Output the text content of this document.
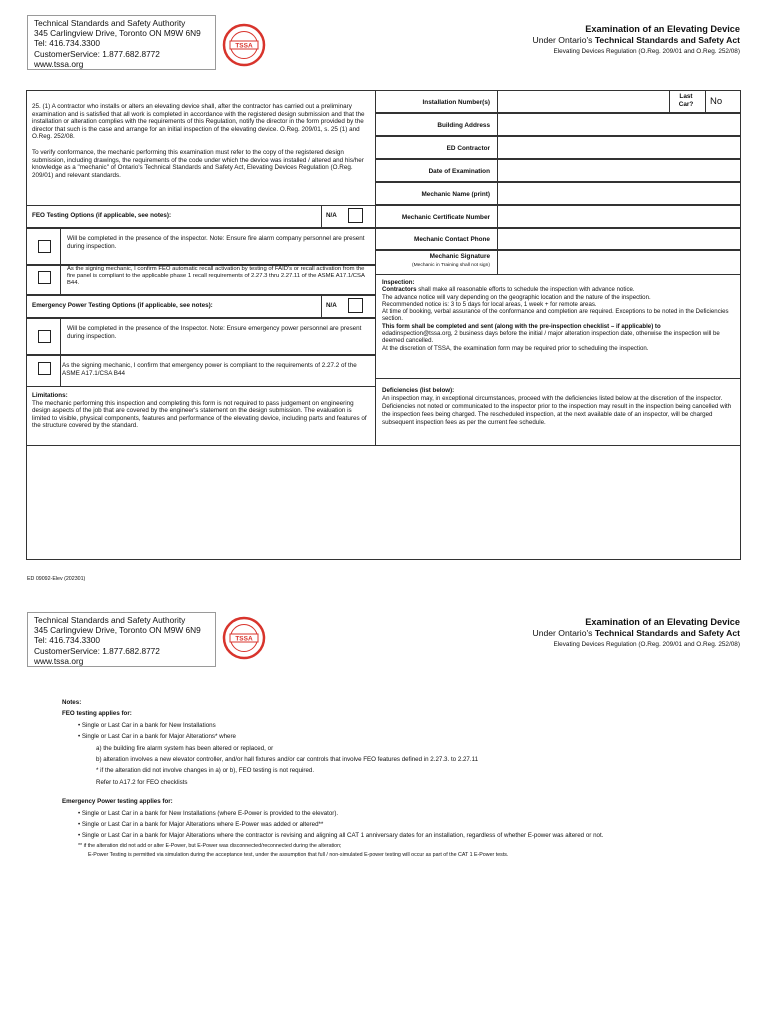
Technical Standards and Safety Authority
345 Carlingview Drive, Toronto ON M9W 6N9
Tel: 416.734.3300
CustomerService: 1.877.682.8772
www.tssa.org
TSSA
Examination of an Elevating Device
Under Ontario's Technical Standards and Safety Act
Elevating Devices Regulation (O.Reg. 209/01 and O.Reg. 252/08)
25. (1) A contractor who installs or alters an elevating device shall, after the contractor has carried out a preliminary examination and is satisfied that all work is completed in accordance with the registered design submission and that the installation or alteration complies with the requirements of this Regulation, notify the director in the form provided by the director that such is the case and arrange for an initial inspection of the elevating device. O.Reg. 209/01, s. 25 (1) and O.Reg. 252/08.
To verify conformance, the mechanic performing this examination must refer to the copy of the registered design submission, including drawings, the requirements of the code under which the device was installed / altered and his/her knowledge as a "mechanic" of Ontario's Technical Standards and Safety Act, Elevating Devices Regulation (O.Reg. 209/01) and relevant standards.
FEO Testing Options (if applicable, see notes):	N/A
Will be completed in the presence of the inspector. Note: Ensure fire alarm company personnel are present during inspection.
As the signing mechanic, I confirm FEO automatic recall activation by testing of FAID's or recall activation from the fire panel is compliant to the applicable phase 1 recall requirements of 2.27.3 thru 2.27.11 of the ASME A17.1/CSA B44.
Emergency Power Testing Options (if applicable, see notes):	N/A
Will be completed in the presence of the Inspector. Note: Ensure emergency power personnel are present during inspection.
As the signing mechanic, I confirm that emergency power is compliant to the requirements of 2.27.2 of the ASME A17.1/CSA B44
Limitations:
The mechanic performing this inspection and completing this form is not required to pass judgement on engineering design aspects of the job that are covered by the engineer's statement on the design submission. The evaluation is limited to visible, physical components, features and performance of the elevating device, including parts and features of the structure covered by the standard.
Installation Number(s)
Last Car?	No
Building Address
ED Contractor
Date of Examination
Mechanic Name (print)
Mechanic Certificate Number
Mechanic Contact Phone
Mechanic Signature
(Mechanic in Training shall not sign)
Inspection:
Contractors shall make all reasonable efforts to schedule the inspection with advance notice.
The advance notice will vary depending on the geographic location and the nature of the inspection.
Recommended notice is: 3 to 5 days for local areas, 1 week + for remote areas.
At time of booking, verbal assurance of the conformance and completion are required. Exceptions to be noted in the Deficiencies section.
This form shall be completed and sent (along with the pre-inspection checklist – if applicable) to
edadinspection@tssa.org, 2 business days before the initial / major alteration inspection date, otherwise the inspection will be deemed cancelled.
At the discretion of TSSA, the examination form may be required prior to scheduling the inspection.
Deficiencies (list below):
An inspection may, in exceptional circumstances, proceed with the deficiencies listed below at the discretion of the inspector. Deficiencies not noted or communicated to the inspector prior to the inspection may result in the inspection being cancelled with the inspection fees being charged. The rescheduled inspection, at the next available date of an inspector, will be charged subsequent inspection fees as per the current fee schedule.
ED 09092-Elev (202301)
Technical Standards and Safety Authority
345 Carlingview Drive, Toronto ON M9W 6N9
Tel: 416.734.3300
CustomerService: 1.877.682.8772
www.tssa.org
TSSA
Examination of an Elevating Device
Under Ontario's Technical Standards and Safety Act
Elevating Devices Regulation (O.Reg. 209/01 and O.Reg. 252/08)
Notes:
FEO testing applies for:
• Single or Last Car in a bank for New Installations
• Single or Last Car in a bank for Major Alterations* where
a) the building fire alarm system has been altered or replaced, or
b) alteration involves a new elevator controller, and/or hall fixtures and/or car controls that involve FEO features defined in 2.27.3. to 2.27.11
* if the alteration did not involve changes in a) or b), FEO testing is not required.
Refer to A17.2 for FEO checklists
Emergency Power testing applies for:
• Single or Last Car in a bank for New Installations (where E-Power is provided to the elevator).
• Single or Last Car in a bank for Major Alterations where E-Power was added or altered**
• Single or Last Car in a bank for Major Alterations where the contractor is revising and aligning all CAT 1 anniversary dates for an installation, regardless of whether E-power was altered or not.
** if the alteration did not add or alter E-Power, but E-Power was disconnected/reconnected during the alteration;
E-Power Testing is permitted via simulation during the acceptance test, under the assumption that full / non-simulated E-power testing will occur as part of the CAT 1 E-Power tests.
